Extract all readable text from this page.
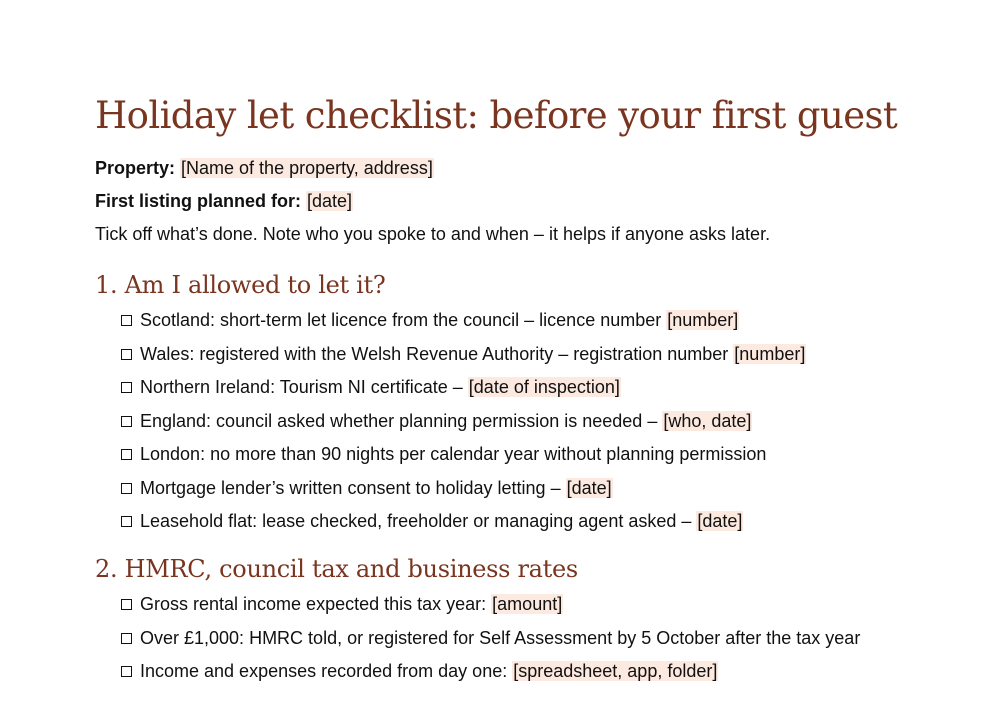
Holiday let checklist: before your first guest

Property: [Name of the property, address]

First listing planned for: [date]

Tick off what’s done. Note who you spoke to and when – it helps if anyone asks later.

1. Am I allowed to let it?
Scotland: short-term let licence from the council – licence number [number]
Wales: registered with the Welsh Revenue Authority – registration number [number]
Northern Ireland: Tourism NI certificate – [date of inspection]
England: council asked whether planning permission is needed – [who, date]
London: no more than 90 nights per calendar year without planning permission
Mortgage lender’s written consent to holiday letting – [date]
Leasehold flat: lease checked, freeholder or managing agent asked – [date]
2. HMRC, council tax and business rates
Gross rental income expected this tax year: [amount]
Over £1,000: HMRC told, or registered for Self Assessment by 5 October after the tax year
Income and expenses recorded from day one: [spreadsheet, app, folder]
